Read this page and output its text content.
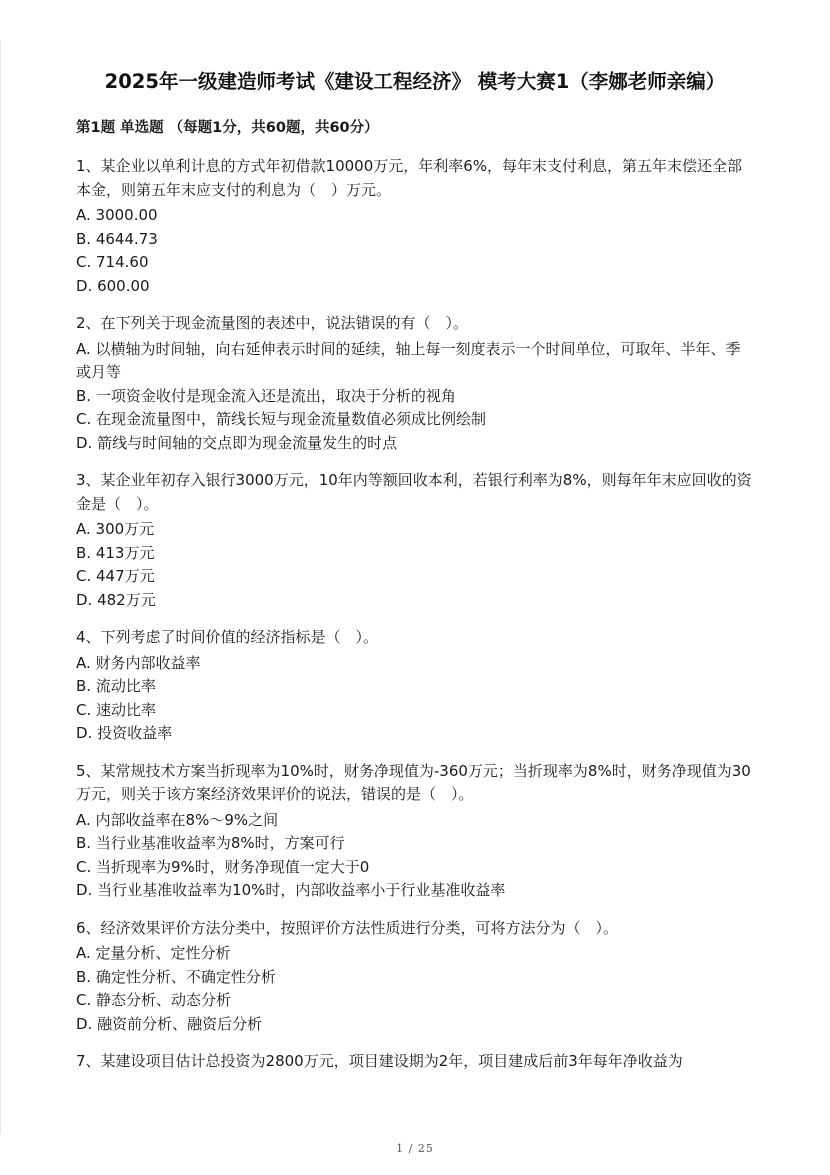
2025年一级建造师考试《建设工程经济》 模考大赛1（李娜老师亲编）
第1题 单选题 （每题1分，共60题，共60分）
1、某企业以单利计息的方式年初借款10000万元，年利率6%，每年末支付利息，第五年末偿还全部本金，则第五年末应支付的利息为（　）万元。
A. 3000.00
B. 4644.73
C. 714.60
D. 600.00
2、在下列关于现金流量图的表述中，说法错误的有（　）。
A. 以横轴为时间轴，向右延伸表示时间的延续，轴上每一刻度表示一个时间单位，可取年、半年、季或月等
B. 一项资金收付是现金流入还是流出，取决于分析的视角
C. 在现金流量图中，箭线长短与现金流量数值必须成比例绘制
D. 箭线与时间轴的交点即为现金流量发生的时点
3、某企业年初存入银行3000万元，10年内等额回收本利，若银行利率为8%，则每年年末应回收的资金是（　）。
A. 300万元
B. 413万元
C. 447万元
D. 482万元
4、下列考虑了时间价值的经济指标是（　）。
A. 财务内部收益率
B. 流动比率
C. 速动比率
D. 投资收益率
5、某常规技术方案当折现率为10%时，财务净现值为-360万元；当折现率为8%时，财务净现值为30万元，则关于该方案经济效果评价的说法，错误的是（　）。
A. 内部收益率在8%～9%之间
B. 当行业基准收益率为8%时，方案可行
C. 当折现率为9%时，财务净现值一定大于0
D. 当行业基准收益率为10%时，内部收益率小于行业基准收益率
6、经济效果评价方法分类中，按照评价方法性质进行分类，可将方法分为（　）。
A. 定量分析、定性分析
B. 确定性分析、不确定性分析
C. 静态分析、动态分析
D. 融资前分析、融资后分析
7、某建设项目估计总投资为2800万元，项目建设期为2年，项目建成后前3年每年净收益为
1 / 25
